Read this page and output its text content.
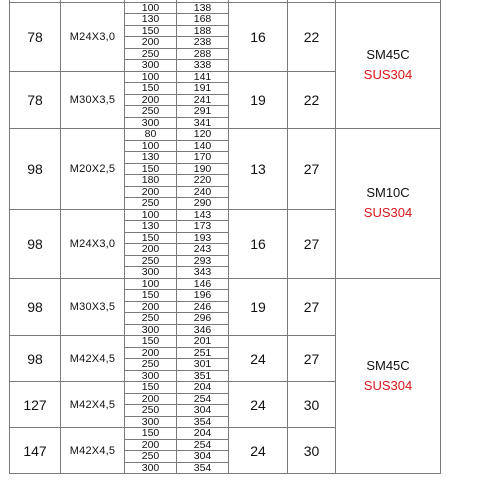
78	M24X3,0	100	138	16	22	SM45C
SUS304

		130	168			
		150	188			
		200	238			
		250	288			
		300	338			
78	M30X3,5	100	141	19	22	
		150	191			
		200	241			
		250	291			
		300	341			
98	M20X2,5	80	120	13	27	SM10C
SUS304

		100	140			
		130	170			
		150	190			
		180	220			
		200	240			
		250	290			
98	M24X3,0	100	143	16	27	
		130	173			
		150	193			
		200	243			
		250	293			
		300	343			
98	M30X3,5	100	146	19	27	SM45C
SUS304

		150	196			
		200	246			
		250	296			
		300	346			
98	M42X4,5	150	201	24	27	
		200	251			
		250	301			
		300	351			
127	M42X4,5	150	204	24	30	
		200	254			
		250	304			
		300	354			
147	M42X4,5	150	204	24	30	
		200	254			
		250	304			
		300	354			
